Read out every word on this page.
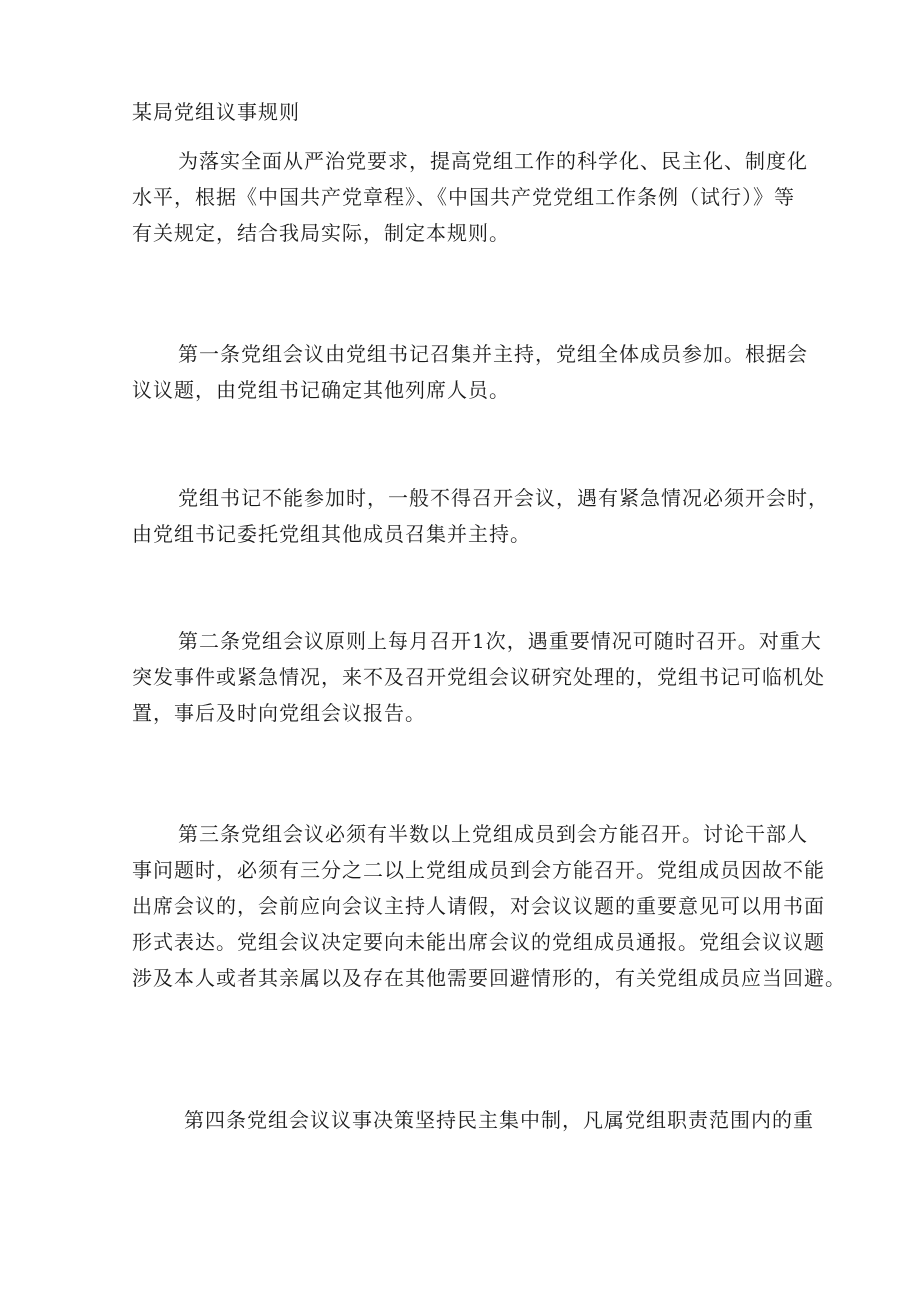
某局党组议事规则
为落实全面从严治党要求，提高党组工作的科学化、民主化、制度化
水平，根据《中国共产党章程》、《中国共产党党组工作条例（试行）》等
有关规定，结合我局实际，制定本规则。
第一条党组会议由党组书记召集并主持，党组全体成员参加。根据会
议议题，由党组书记确定其他列席人员。
党组书记不能参加时，一般不得召开会议，遇有紧急情况必须开会时，
由党组书记委托党组其他成员召集并主持。
第二条党组会议原则上每月召开1次，遇重要情况可随时召开。对重大
突发事件或紧急情况，来不及召开党组会议研究处理的，党组书记可临机处
置，事后及时向党组会议报告。
第三条党组会议必须有半数以上党组成员到会方能召开。讨论干部人
事问题时，必须有三分之二以上党组成员到会方能召开。党组成员因故不能
出席会议的，会前应向会议主持人请假，对会议议题的重要意见可以用书面
形式表达。党组会议决定要向未能出席会议的党组成员通报。党组会议议题
涉及本人或者其亲属以及存在其他需要回避情形的，有关党组成员应当回避。
第四条党组会议议事决策坚持民主集中制，凡属党组职责范围内的重
